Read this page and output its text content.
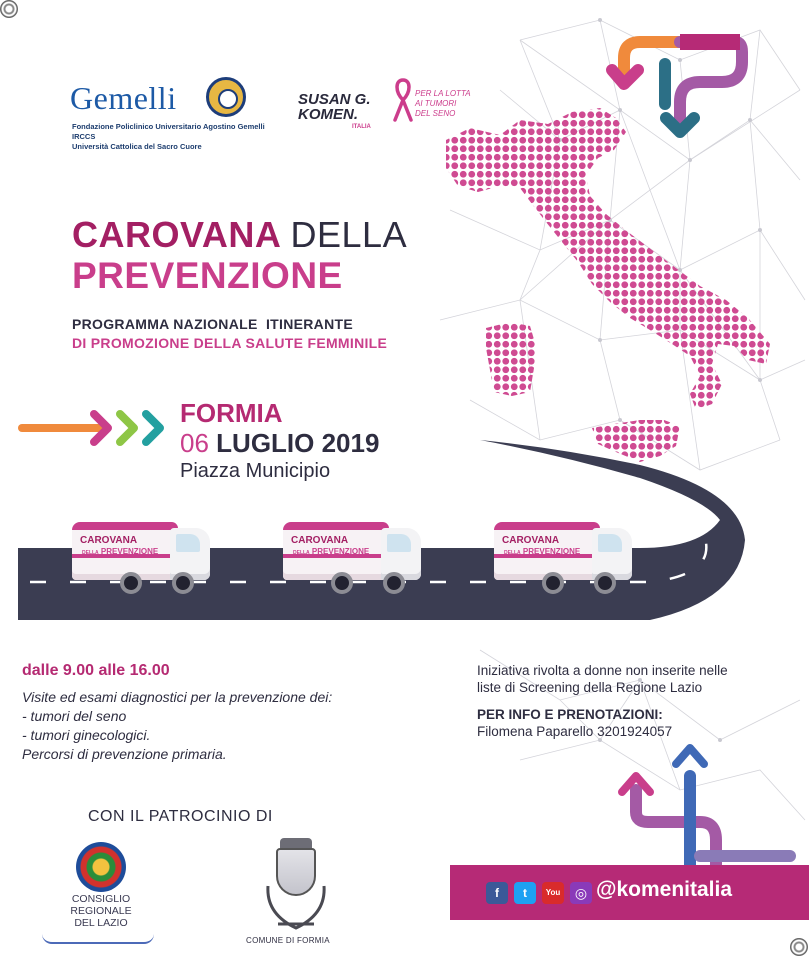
Gemelli
Fondazione Policlinico Universitario Agostino Gemelli IRCCS
Università Cattolica del Sacro Cuore
SUSAN G.
KOMEN.
ITALIA
PER LA LOTTA
AI TUMORI
DEL SENO
CAROVANA DELLA
PREVENZIONE
PROGRAMMA NAZIONALE  ITINERANTE
DI PROMOZIONE DELLA SALUTE FEMMINILE
FORMIA
06 LUGLIO 2019
Piazza Municipio
CAROVANA
DELLA PREVENZIONE
CAROVANA
DELLA PREVENZIONE
CAROVANA
DELLA PREVENZIONE
dalle 9.00 alle 16.00
Visite ed esami diagnostici per la prevenzione dei:
- tumori del seno
- tumori ginecologici.
Percorsi di prevenzione primaria.
Iniziativa rivolta a donne non inserite nelle
liste di Screening della Regione Lazio
PER INFO E PRENOTAZIONI:
Filomena Paparello 3201924057
CON IL PATROCINIO DI
CONSIGLIO
REGIONALE
DEL LAZIO
COMUNE DI FORMIA
f	t	You	◎ @komenitalia
